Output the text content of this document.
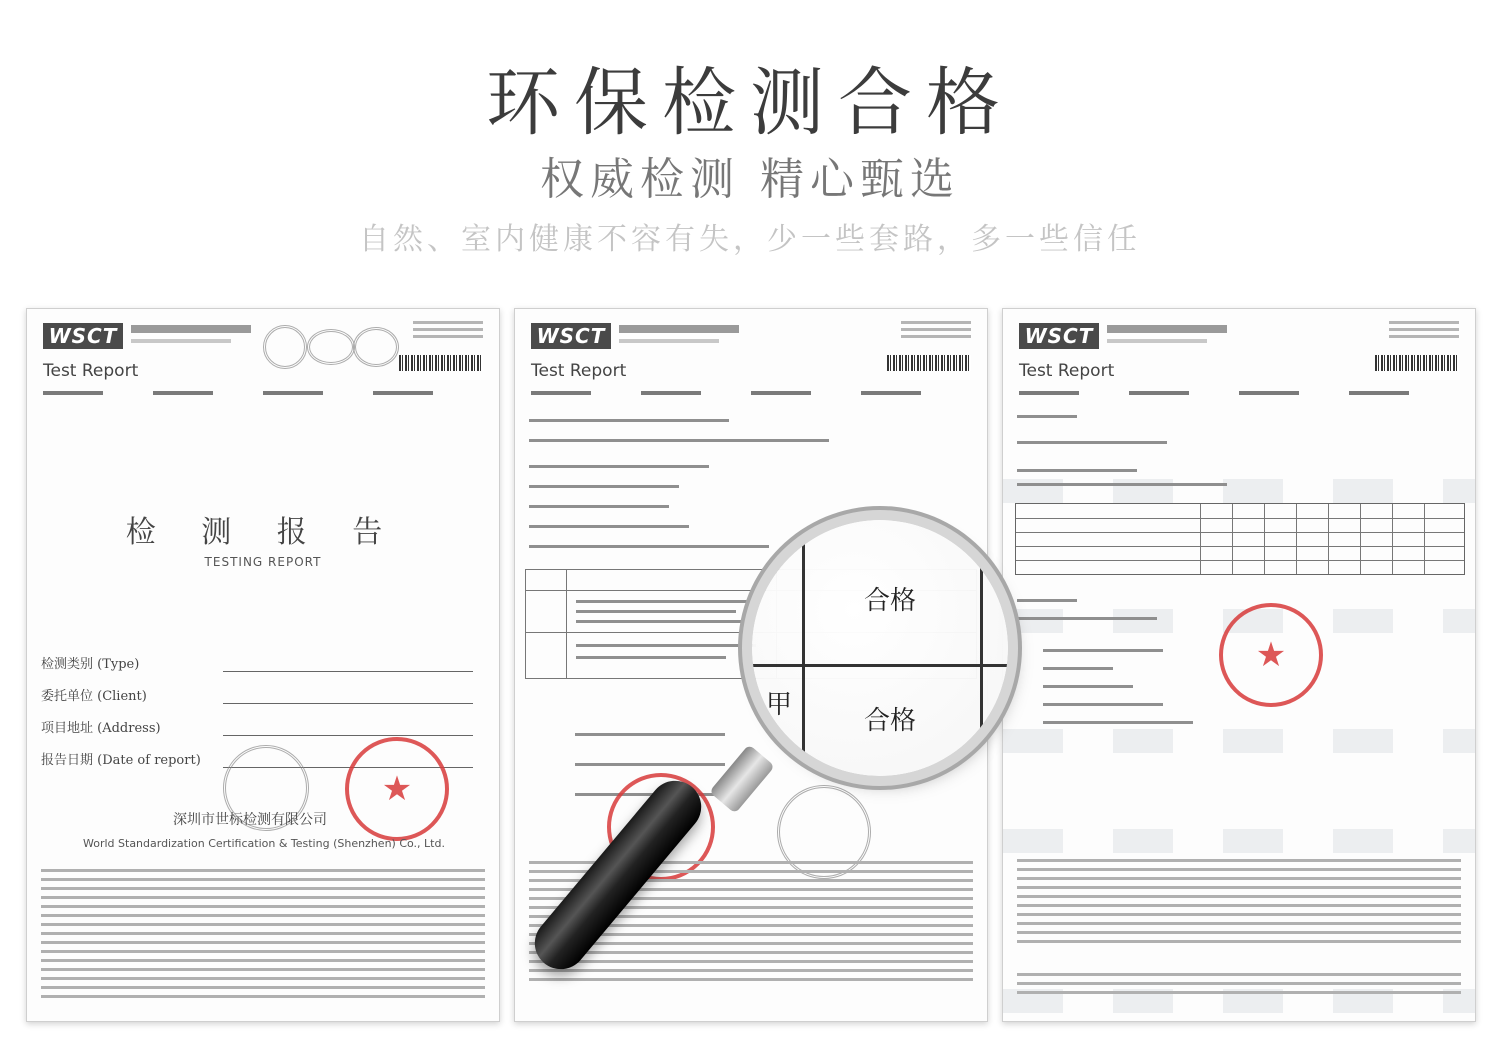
环保检测合格
权威检测 精心甄选

自然、室内健康不容有失，少一些套路，多一些信任

WSCT
Test Report
检 测 报 告
TESTING REPORT
检测类别 (Type)
委托单位 (Client)
项目地址 (Address)
报告日期 (Date of report)
★
深圳市世标检测有限公司
World Standardization Certification & Testing (Shenzhen) Co., Ltd.
WSCT
Test Report
WSCT
Test Report
★
合格
合格
甲
